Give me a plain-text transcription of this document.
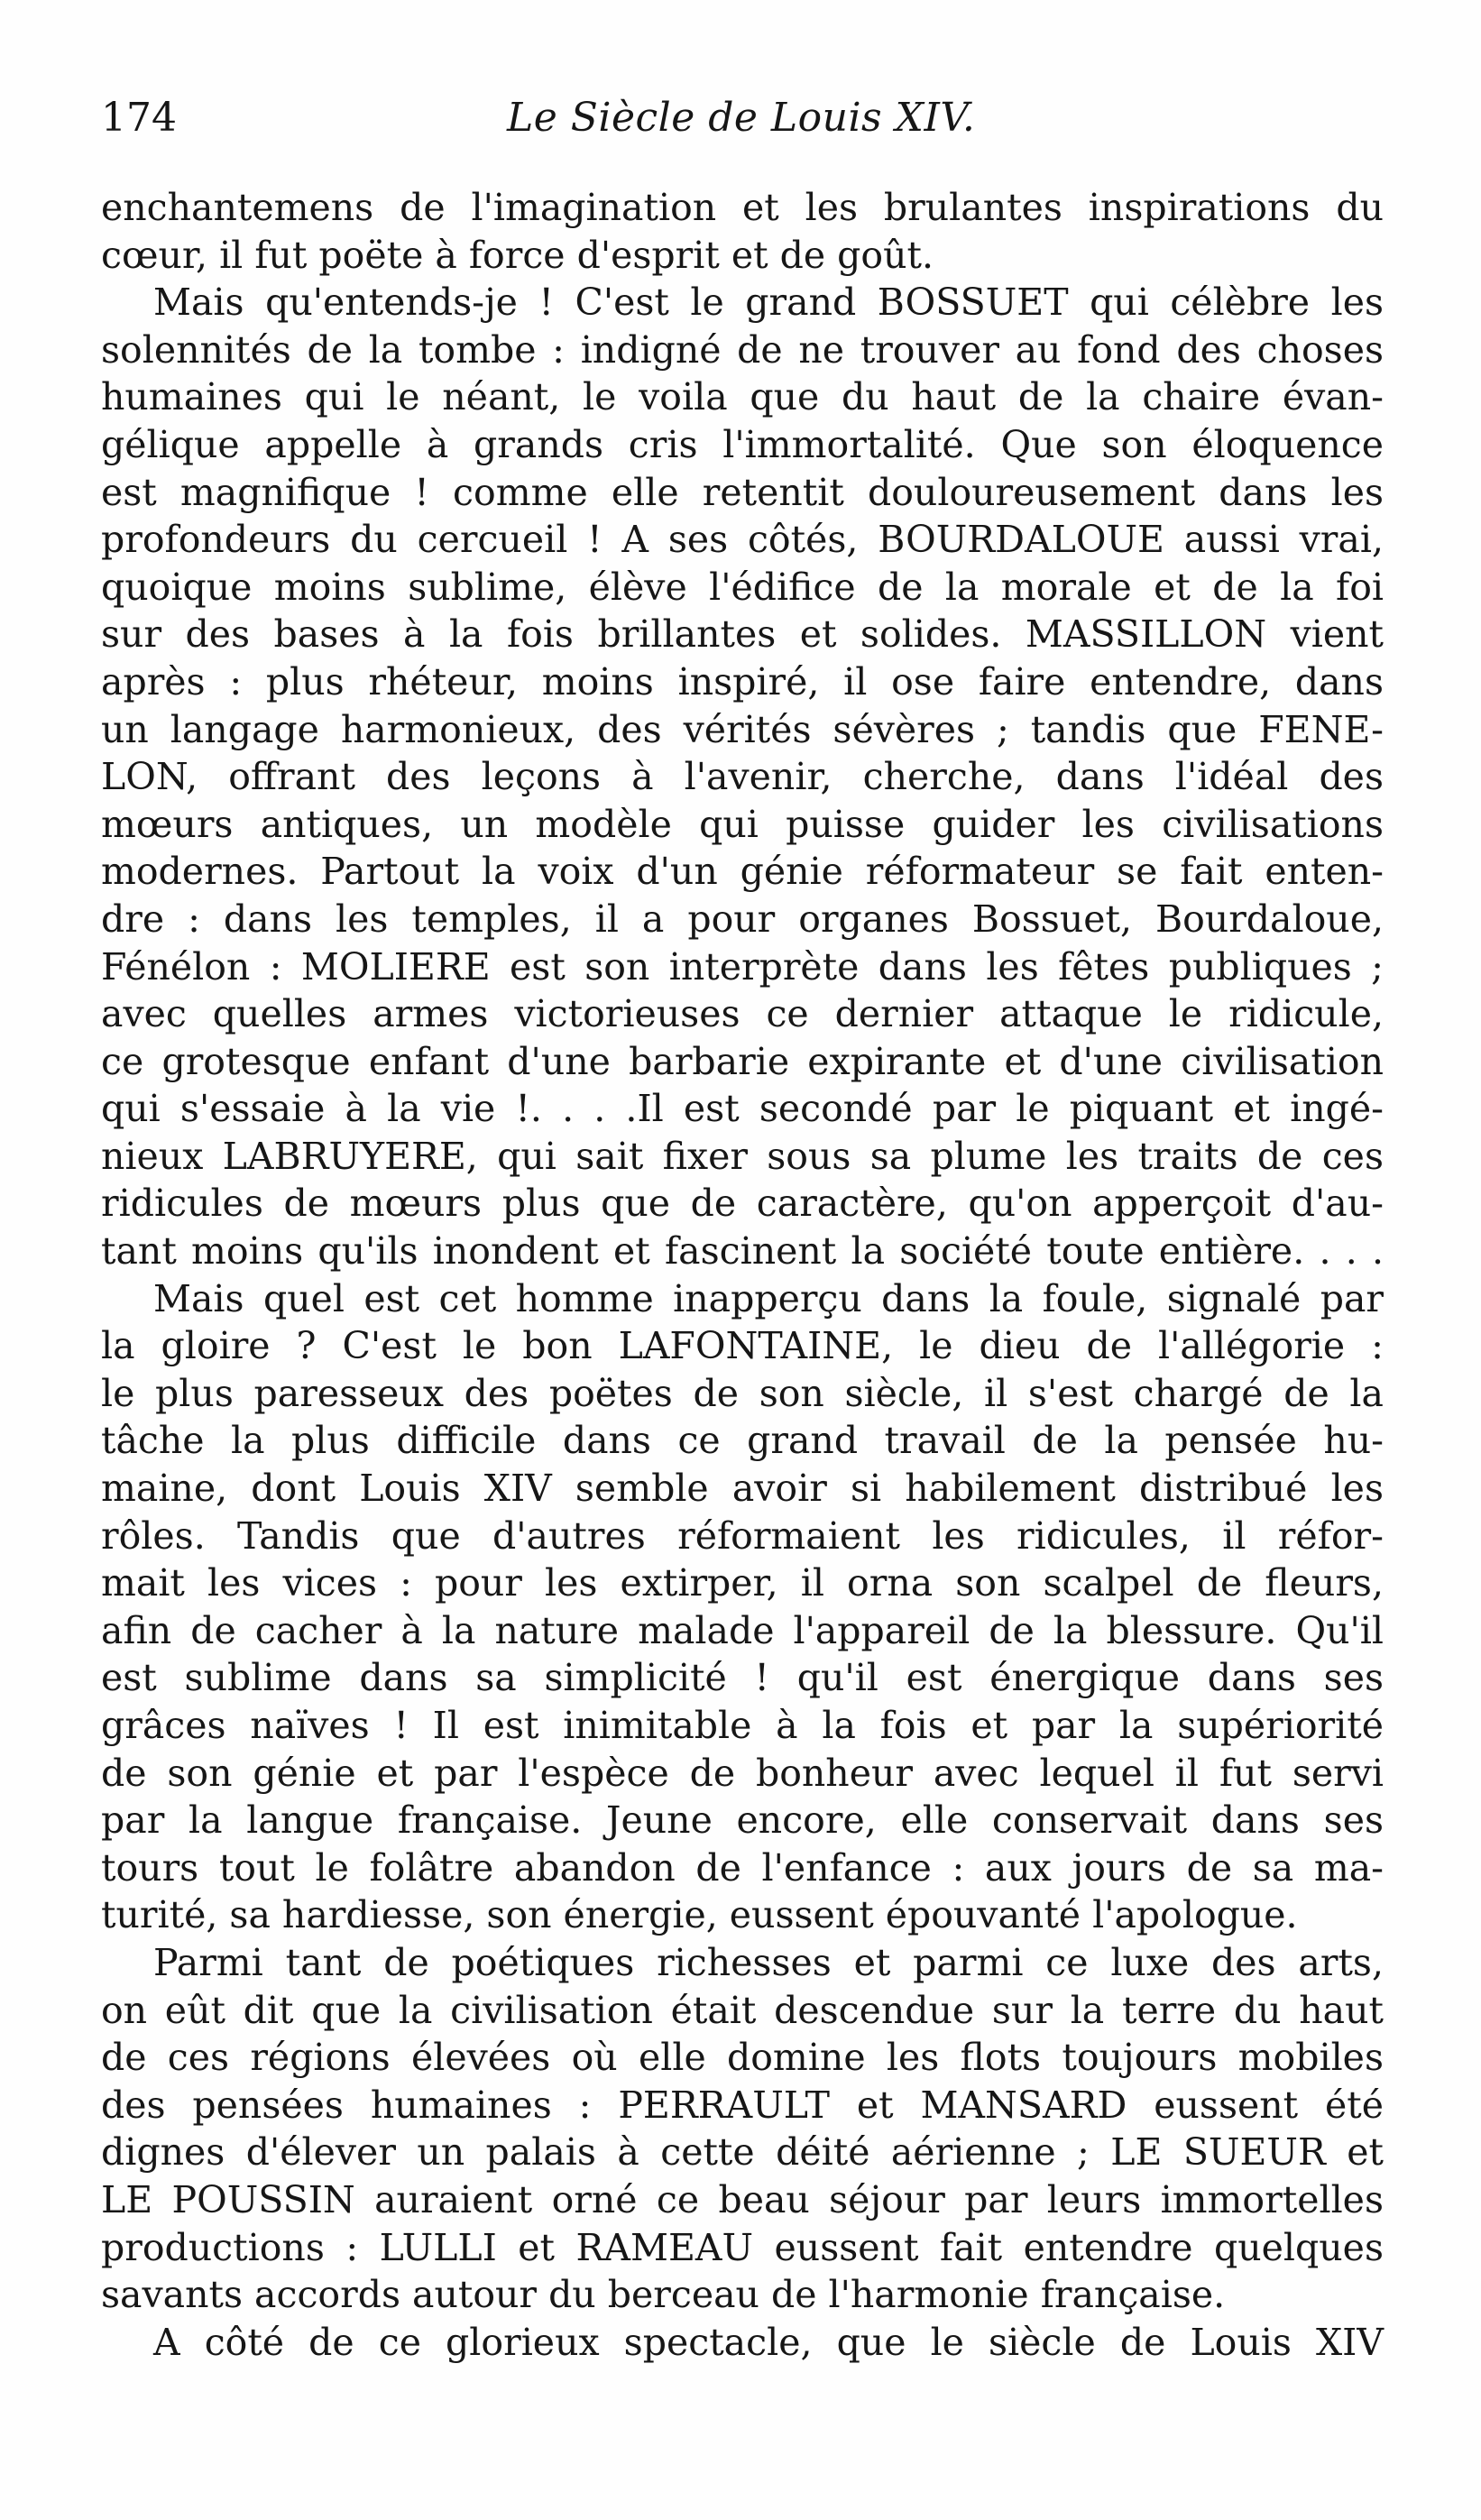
174	Le Siècle de Louis XIV.
enchantemens de l'imagination et les brulantes inspirations du
cœur, il fut poëte à force d'esprit et de goût.
Mais qu'entends-je ! C'est le grand BOSSUET qui célèbre les
solennités de la tombe : indigné de ne trouver au fond des choses
humaines qui le néant, le voila que du haut de la chaire évan-
gélique appelle à grands cris l'immortalité. Que son éloquence
est magnifique ! comme elle retentit douloureusement dans les
profondeurs du cercueil ! A ses côtés, BOURDALOUE aussi vrai,
quoique moins sublime, élève l'édifice de la morale et de la foi
sur des bases à la fois brillantes et solides. MASSILLON vient
après : plus rhéteur, moins inspiré, il ose faire entendre, dans
un langage harmonieux, des vérités sévères ; tandis que FENE-
LON, offrant des leçons à l'avenir, cherche, dans l'idéal des
mœurs antiques, un modèle qui puisse guider les civilisations
modernes. Partout la voix d'un génie réformateur se fait enten-
dre : dans les temples, il a pour organes Bossuet, Bourdaloue,
Fénélon : MOLIERE est son interprète dans les fêtes publiques ;
avec quelles armes victorieuses ce dernier attaque le ridicule,
ce grotesque enfant d'une barbarie expirante et d'une civilisation
qui s'essaie à la vie !. . . .Il est secondé par le piquant et ingé-
nieux LABRUYERE, qui sait fixer sous sa plume les traits de ces
ridicules de mœurs plus que de caractère, qu'on apperçoit d'au-
tant moins qu'ils inondent et fascinent la société toute entière. . . .
Mais quel est cet homme inapperçu dans la foule, signalé par
la gloire ? C'est le bon LAFONTAINE, le dieu de l'allégorie :
le plus paresseux des poëtes de son siècle, il s'est chargé de la
tâche la plus difficile dans ce grand travail de la pensée hu-
maine, dont Louis XIV semble avoir si habilement distribué les
rôles. Tandis que d'autres réformaient les ridicules, il réfor-
mait les vices : pour les extirper, il orna son scalpel de fleurs,
afin de cacher à la nature malade l'appareil de la blessure. Qu'il
est sublime dans sa simplicité ! qu'il est énergique dans ses
grâces naïves ! Il est inimitable à la fois et par la supériorité
de son génie et par l'espèce de bonheur avec lequel il fut servi
par la langue française. Jeune encore, elle conservait dans ses
tours tout le folâtre abandon de l'enfance : aux jours de sa ma-
turité, sa hardiesse, son énergie, eussent épouvanté l'apologue.
Parmi tant de poétiques richesses et parmi ce luxe des arts,
on eût dit que la civilisation était descendue sur la terre du haut
de ces régions élevées où elle domine les flots toujours mobiles
des pensées humaines : PERRAULT et MANSARD eussent été
dignes d'élever un palais à cette déité aérienne ; LE SUEUR et
LE POUSSIN auraient orné ce beau séjour par leurs immortelles
productions : LULLI et RAMEAU eussent fait entendre quelques
savants accords autour du berceau de l'harmonie française.
A côté de ce glorieux spectacle, que le siècle de Louis XIV
